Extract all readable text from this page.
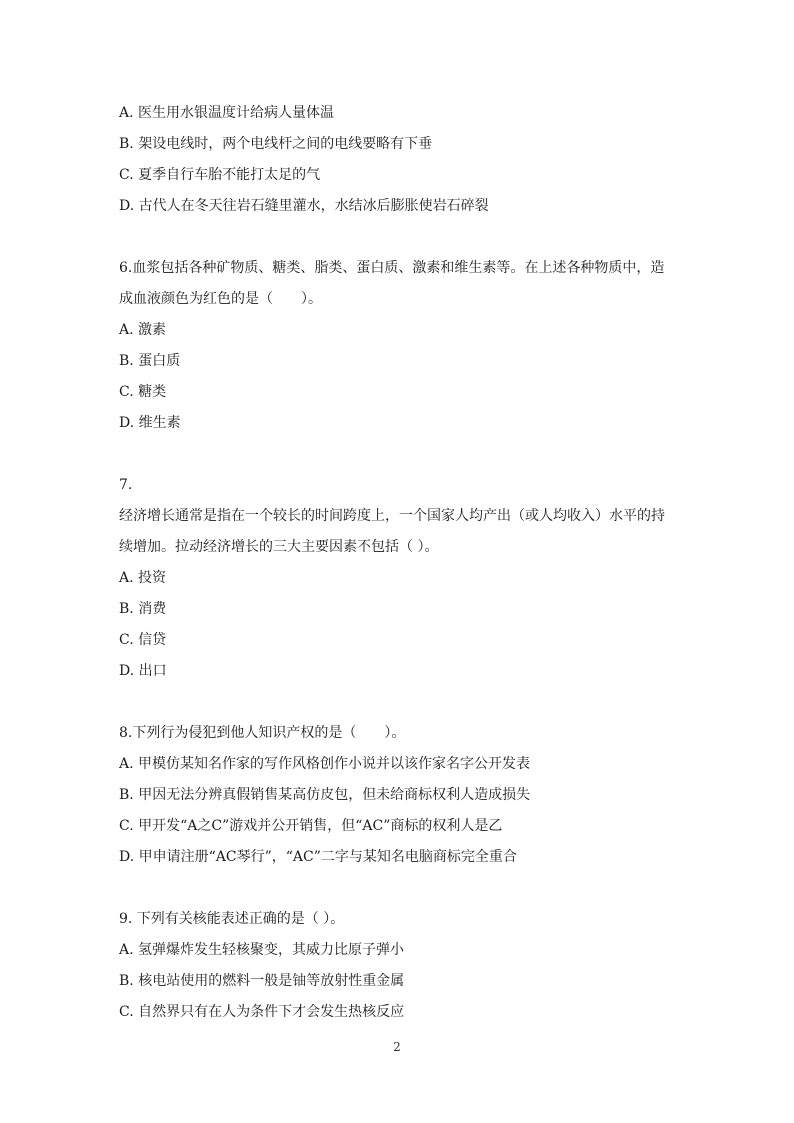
A. 医生用水银温度计给病人量体温
B. 架设电线时，两个电线杆之间的电线要略有下垂
C. 夏季自行车胎不能打太足的气
D. 古代人在冬天往岩石缝里灌水，水结冰后膨胀使岩石碎裂
6.血浆包括各种矿物质、糖类、脂类、蛋白质、激素和维生素等。在上述各种物质中，造
成血液颜色为红色的是（　　）。
A. 激素
B. 蛋白质
C. 糖类
D. 维生素
7.
经济增长通常是指在一个较长的时间跨度上，一个国家人均产出（或人均收入）水平的持
续增加。拉动经济增长的三大主要因素不包括（ ）。
A. 投资
B. 消费
C. 信贷
D. 出口
8.下列行为侵犯到他人知识产权的是（　　）。
A. 甲模仿某知名作家的写作风格创作小说并以该作家名字公开发表
B. 甲因无法分辨真假销售某高仿皮包，但未给商标权利人造成损失
C. 甲开发“A之C”游戏并公开销售，但“AC”商标的权利人是乙
D. 甲申请注册“AC琴行”，“AC”二字与某知名电脑商标完全重合
9. 下列有关核能表述正确的是（ ）。
A. 氢弹爆炸发生轻核聚变，其威力比原子弹小
B. 核电站使用的燃料一般是铀等放射性重金属
C. 自然界只有在人为条件下才会发生热核反应
2
